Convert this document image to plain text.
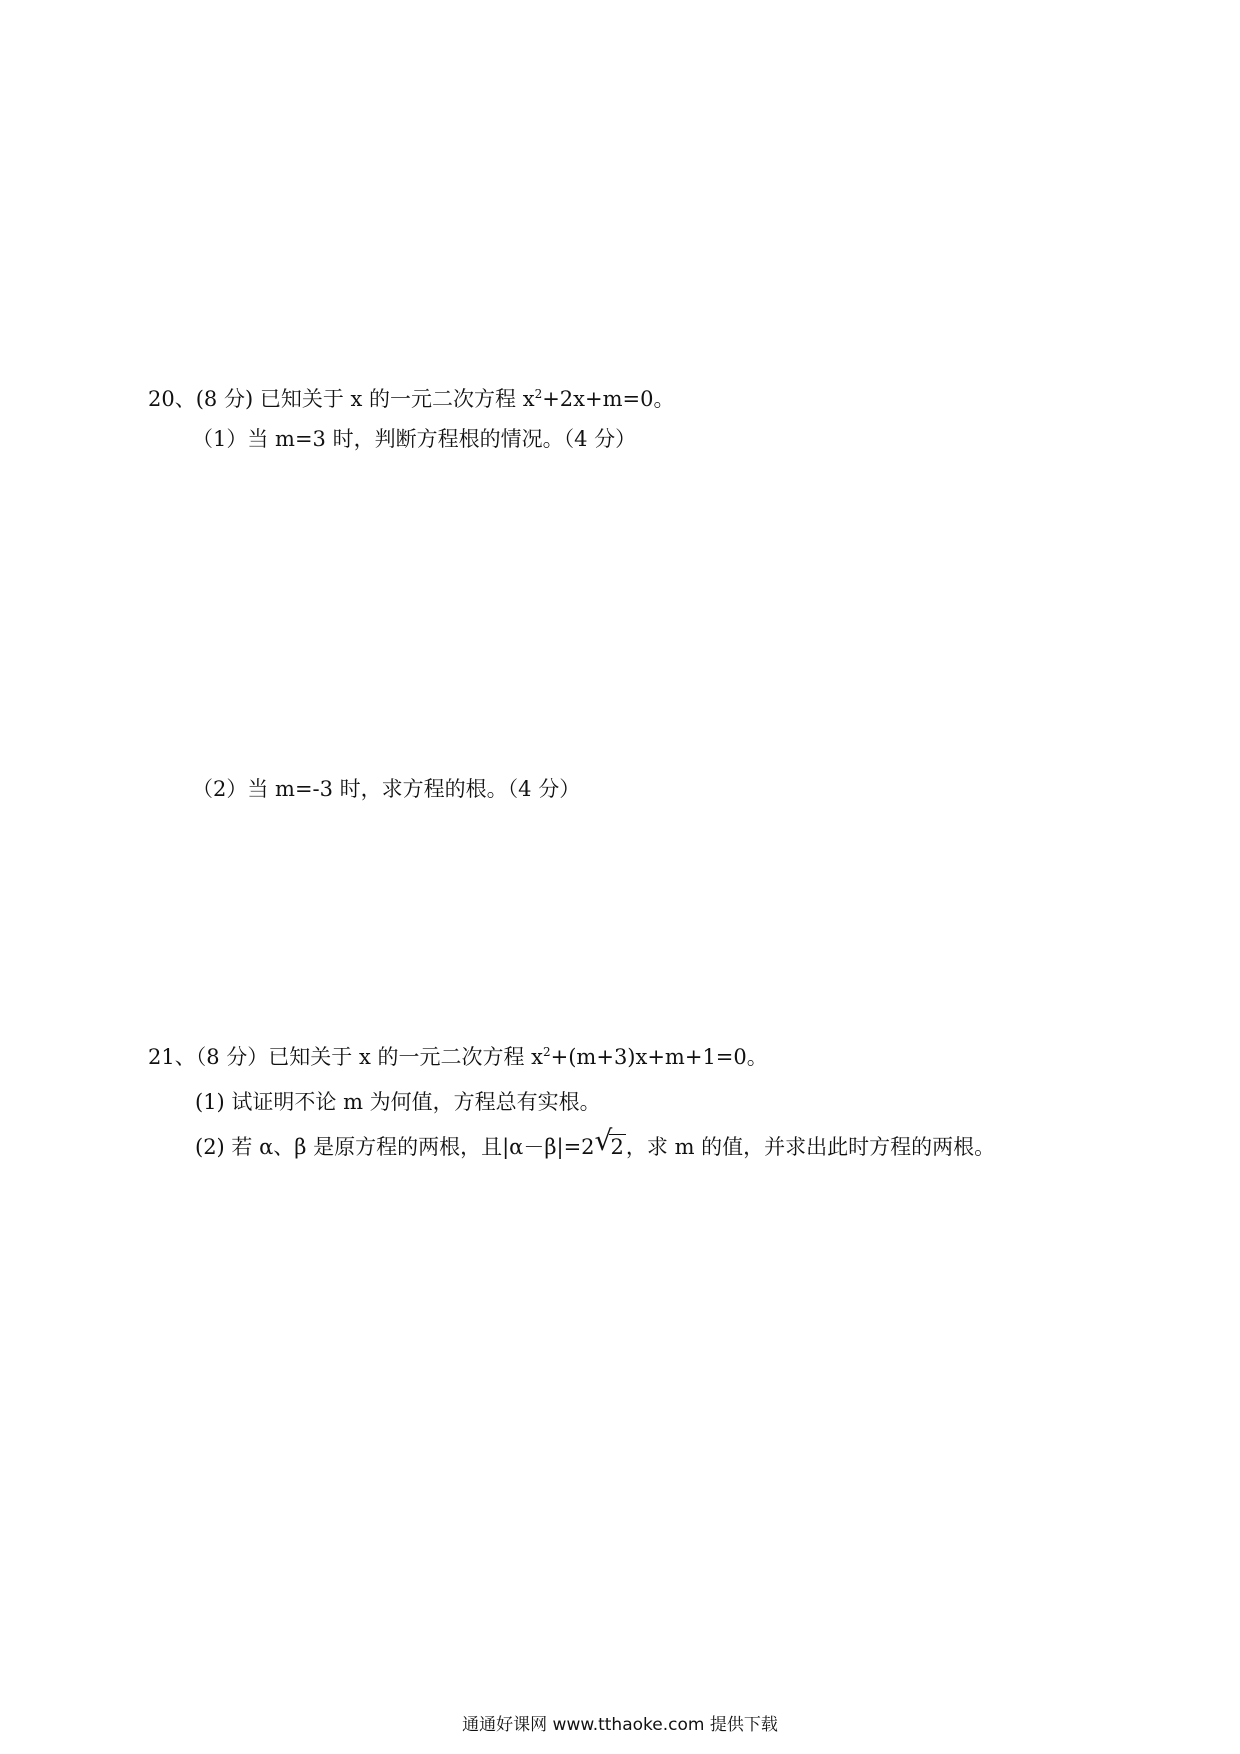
20、(8 分) 已知关于 x 的一元二次方程 $x^2+2x+m=0$。
（1）当 m=3 时，判断方程根的情况。（4 分）
（2）当 m=-3 时，求方程的根。（4 分）
21、（8 分）已知关于 x 的一元二次方程 $x^2+(m+3)x+m+1=0$。
(1) 试证明不论 m 为何值，方程总有实根。
(2) 若 α、β 是原方程的两根，且|α－β|=2 √
2，求 m 的值，并求出此时方程的两根。
通通好课网 www.tthaoke.com 提供下载
